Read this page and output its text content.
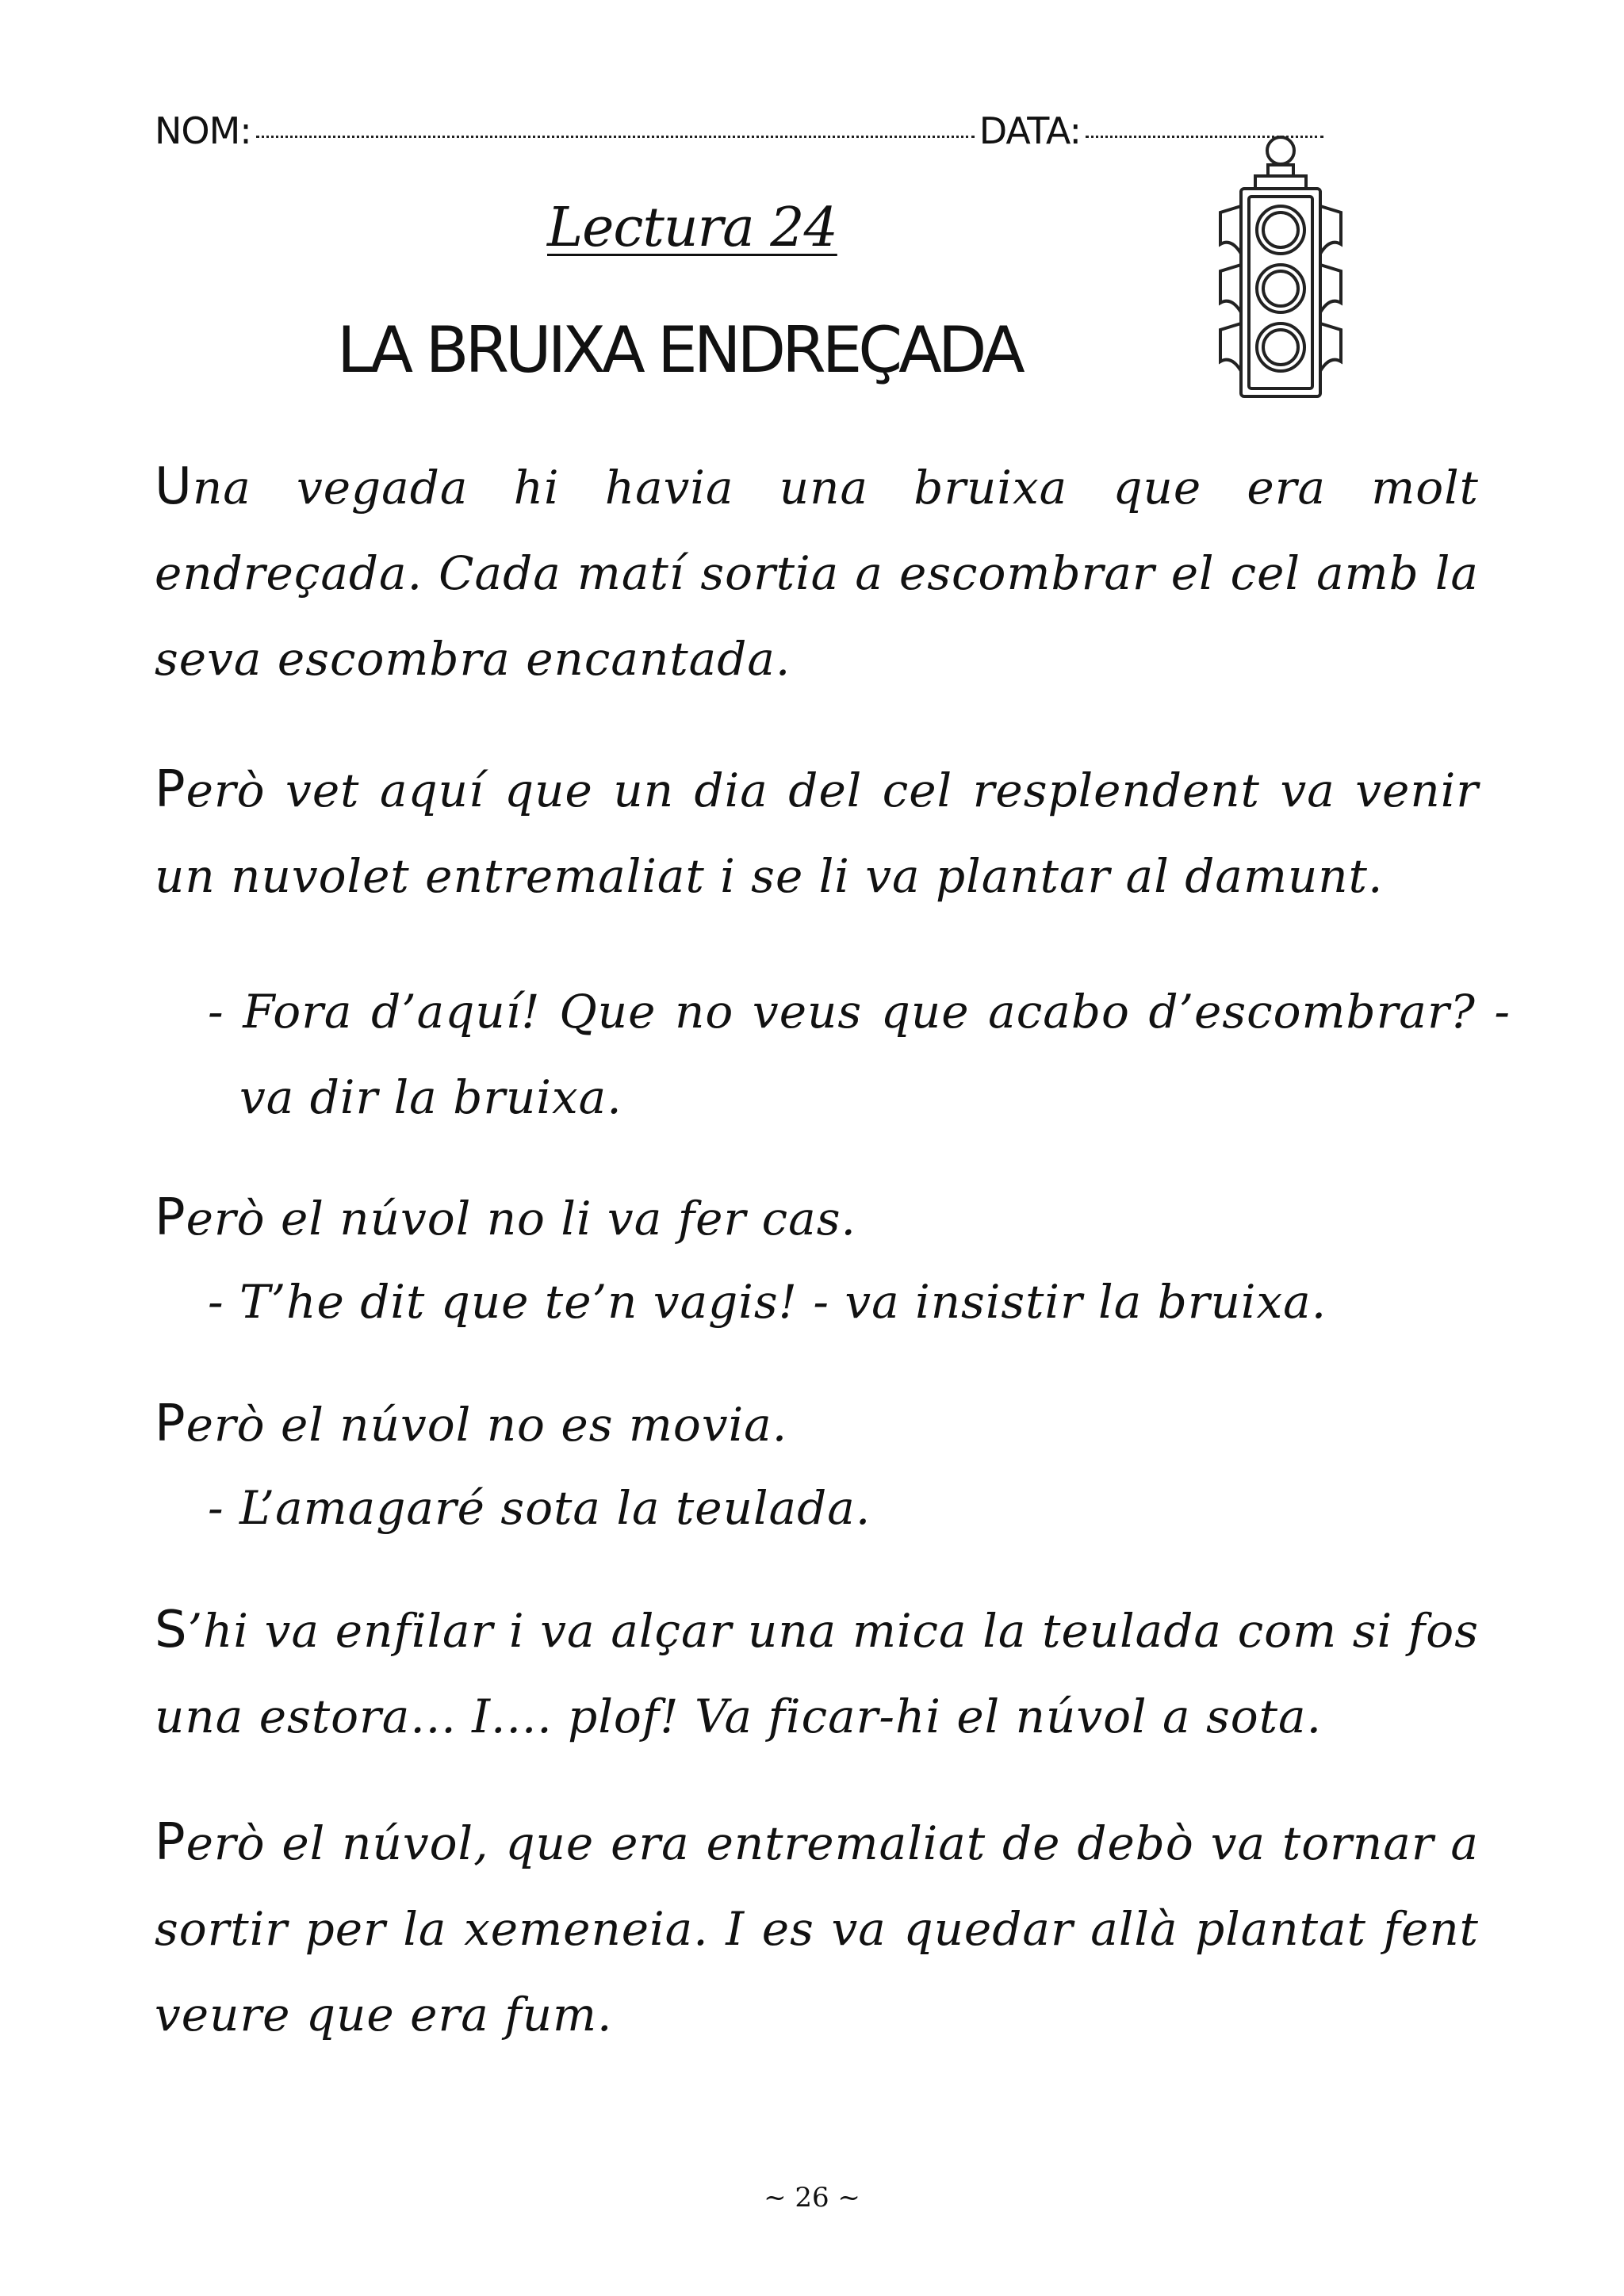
NOM:	DATA:
Lectura 24
LA BRUIXA ENDREÇADA
Una vegada hi havia una bruixa que era molt endreçada. Cada matí sortia a escombrar el cel amb la seva escombra encantada.
Però vet aquí que un dia del cel resplendent va venir un nuvolet entremaliat i se li va plantar al damunt.
- Fora d’aquí! Que no veus que acabo d’escombrar? -va dir la bruixa.
Però el núvol no li va fer cas.
- T’he dit que te’n vagis! - va insistir la bruixa.
Però el núvol no es movia.
- L’amagaré sota la teulada.
S’hi va enfilar i va alçar una mica la teulada com si fos una estora... I.... plof! Va ficar-hi el núvol a sota.
Però el núvol, que era entremaliat de debò va tornar a sortir per la xemeneia. I es va quedar allà plantat fent veure que era fum.
~ 26 ~
